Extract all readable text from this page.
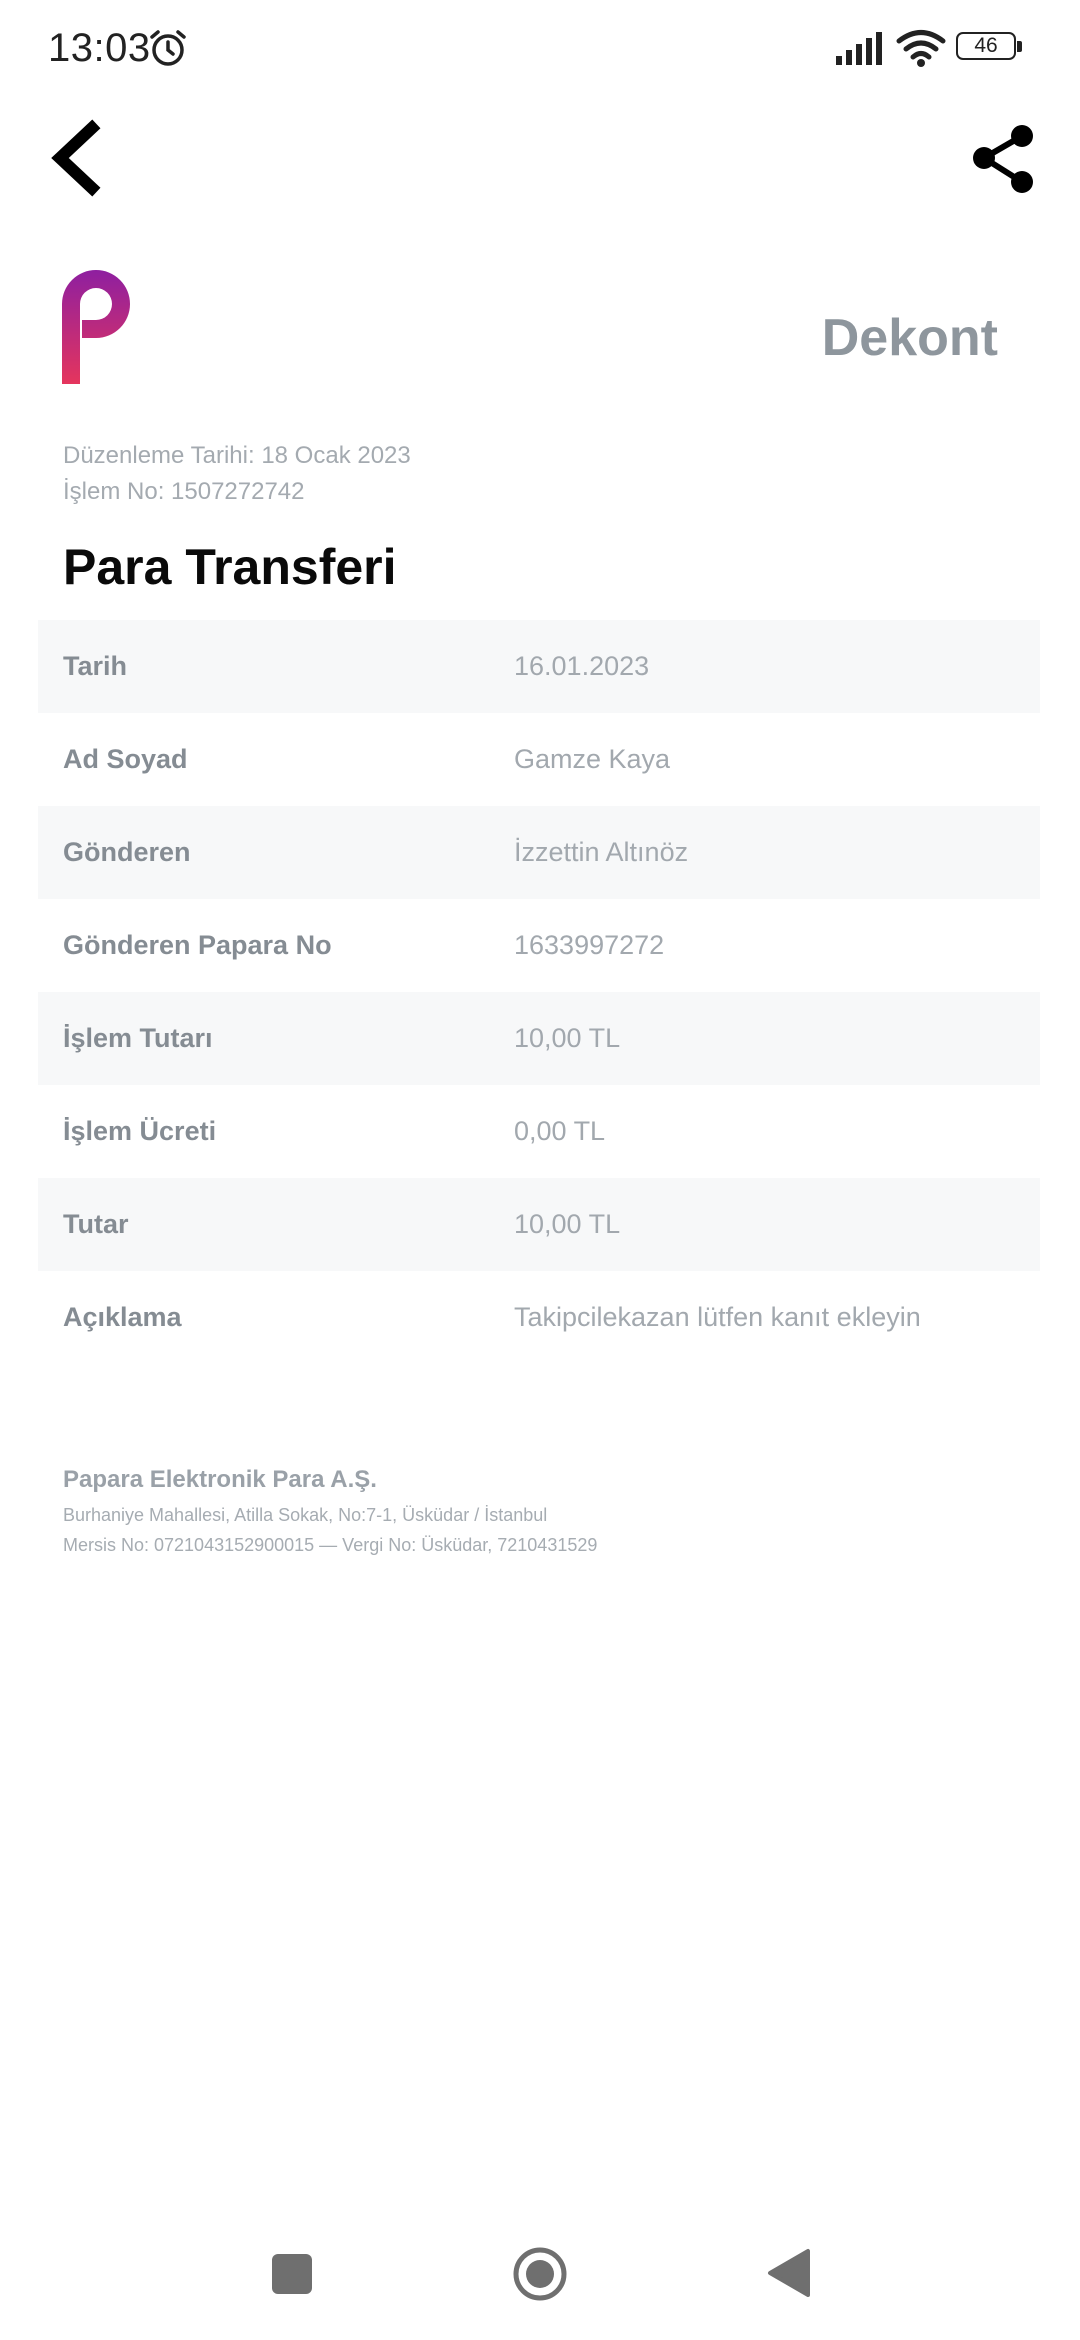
13:03	46
Dekont
Düzenleme Tarihi: 18 Ocak 2023
İşlem No: 1507272742
Para Transferi
Tarih	16.01.2023
Ad Soyad	Gamze Kaya
Gönderen	İzzettin Altınöz
Gönderen Papara No	1633997272
İşlem Tutarı	10,00 TL
İşlem Ücreti	0,00 TL
Tutar	10,00 TL
Açıklama	Takipcilekazan lütfen kanıt ekleyin
Papara Elektronik Para A.Ş.
Burhaniye Mahallesi, Atilla Sokak, No:7-1, Üsküdar / İstanbul
Mersis No: 0721043152900015 — Vergi No: Üsküdar, 7210431529
